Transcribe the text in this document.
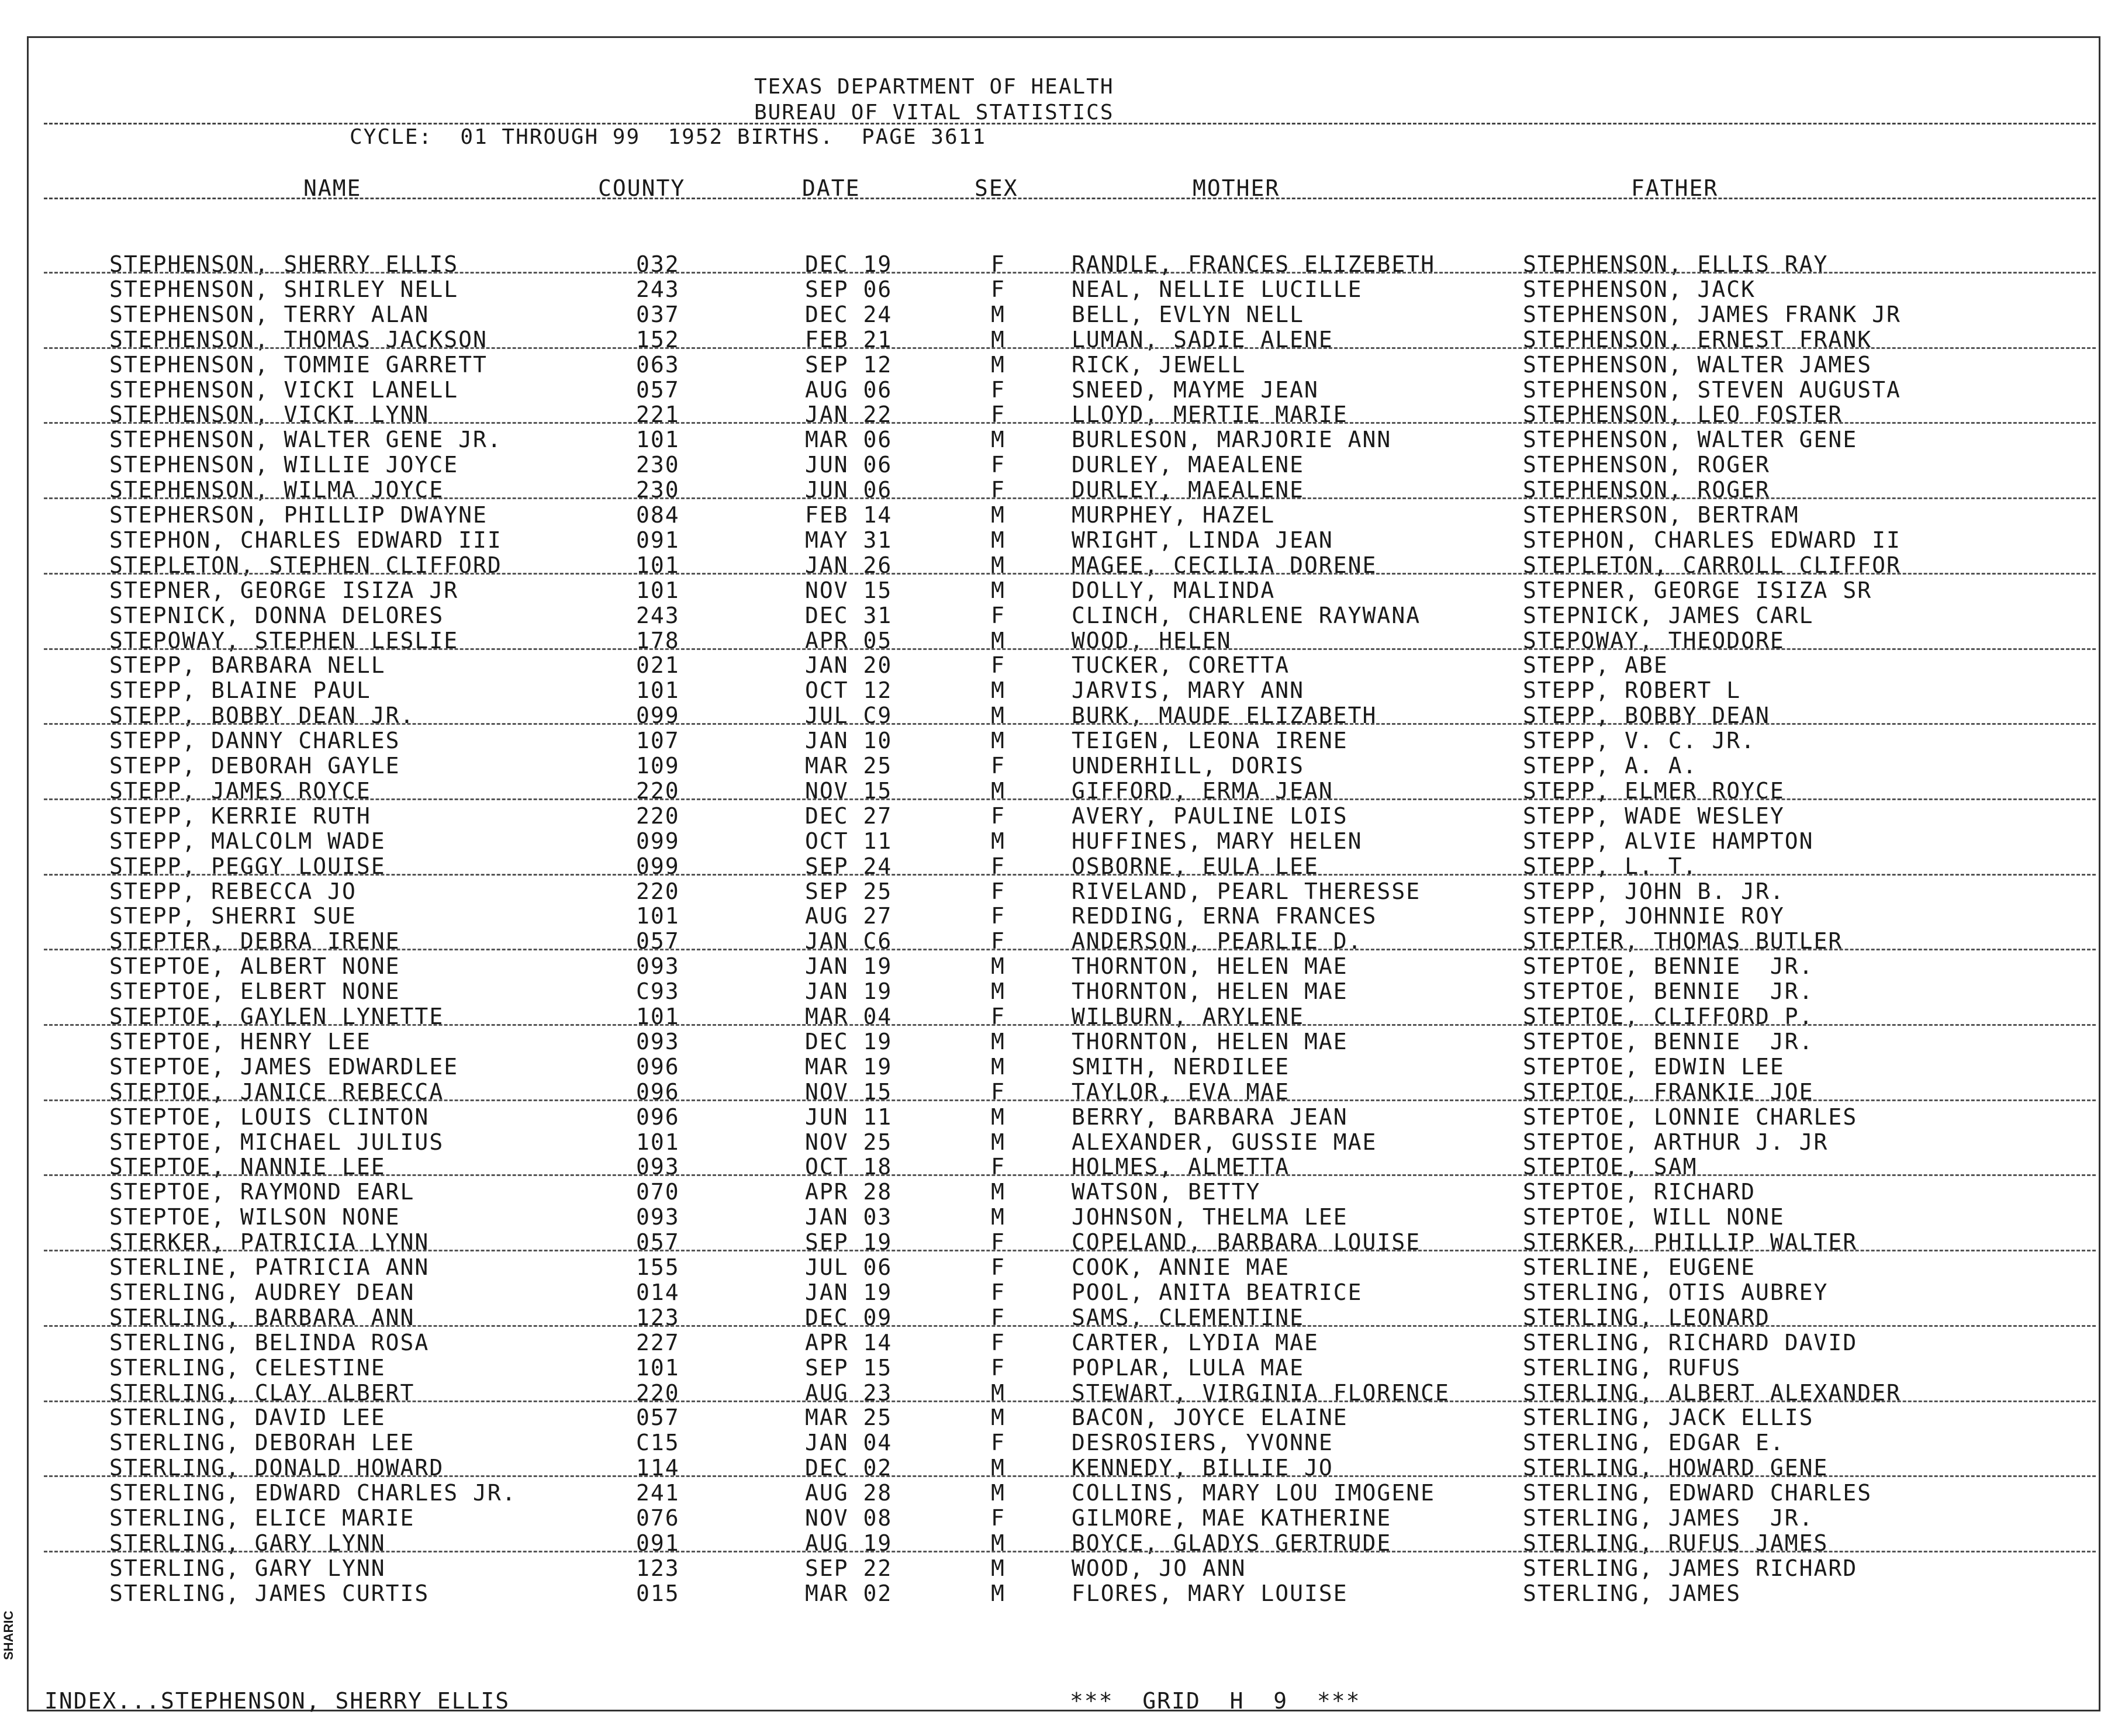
TEXAS DEPARTMENT OF HEALTH
BUREAU OF VITAL STATISTICS
CYCLE:  01 THROUGH 99  1952 BIRTHS.  PAGE 3611
NAME	COUNTY	DATE	SEX	MOTHER	FATHER
STEPHENSON, SHERRY ELLIS	032	DEC 19	F	RANDLE, FRANCES ELIZEBETH	STEPHENSON, ELLIS RAY
STEPHENSON, SHIRLEY NELL	243	SEP 06	F	NEAL, NELLIE LUCILLE	STEPHENSON, JACK
STEPHENSON, TERRY ALAN	037	DEC 24	M	BELL, EVLYN NELL	STEPHENSON, JAMES FRANK JR
STEPHENSON, THOMAS JACKSON	152	FEB 21	M	LUMAN, SADIE ALENE	STEPHENSON, ERNEST FRANK
STEPHENSON, TOMMIE GARRETT	063	SEP 12	M	RICK, JEWELL	STEPHENSON, WALTER JAMES
STEPHENSON, VICKI LANELL	057	AUG 06	F	SNEED, MAYME JEAN	STEPHENSON, STEVEN AUGUSTA
STEPHENSON, VICKI LYNN	221	JAN 22	F	LLOYD, MERTIE MARIE	STEPHENSON, LEO FOSTER
STEPHENSON, WALTER GENE JR.	101	MAR 06	M	BURLESON, MARJORIE ANN	STEPHENSON, WALTER GENE
STEPHENSON, WILLIE JOYCE	230	JUN 06	F	DURLEY, MAEALENE	STEPHENSON, ROGER
STEPHENSON, WILMA JOYCE	230	JUN 06	F	DURLEY, MAEALENE	STEPHENSON, ROGER
STEPHERSON, PHILLIP DWAYNE	084	FEB 14	M	MURPHEY, HAZEL	STEPHERSON, BERTRAM
STEPHON, CHARLES EDWARD III	091	MAY 31	M	WRIGHT, LINDA JEAN	STEPHON, CHARLES EDWARD II
STEPLETON, STEPHEN CLIFFORD	101	JAN 26	M	MAGEE, CECILIA DORENE	STEPLETON, CARROLL CLIFFOR
STEPNER, GEORGE ISIZA JR	101	NOV 15	M	DOLLY, MALINDA	STEPNER, GEORGE ISIZA SR
STEPNICK, DONNA DELORES	243	DEC 31	F	CLINCH, CHARLENE RAYWANA	STEPNICK, JAMES CARL
STEPOWAY, STEPHEN LESLIE	178	APR 05	M	WOOD, HELEN	STEPOWAY, THEODORE
STEPP, BARBARA NELL	021	JAN 20	F	TUCKER, CORETTA	STEPP, ABE
STEPP, BLAINE PAUL	101	OCT 12	M	JARVIS, MARY ANN	STEPP, ROBERT L
STEPP, BOBBY DEAN JR.	099	JUL C9	M	BURK, MAUDE ELIZABETH	STEPP, BOBBY DEAN
STEPP, DANNY CHARLES	107	JAN 10	M	TEIGEN, LEONA IRENE	STEPP, V. C. JR.
STEPP, DEBORAH GAYLE	109	MAR 25	F	UNDERHILL, DORIS	STEPP, A. A.
STEPP, JAMES ROYCE	220	NOV 15	M	GIFFORD, ERMA JEAN	STEPP, ELMER ROYCE
STEPP, KERRIE RUTH	220	DEC 27	F	AVERY, PAULINE LOIS	STEPP, WADE WESLEY
STEPP, MALCOLM WADE	099	OCT 11	M	HUFFINES, MARY HELEN	STEPP, ALVIE HAMPTON
STEPP, PEGGY LOUISE	099	SEP 24	F	OSBORNE, EULA LEE	STEPP, L. T.
STEPP, REBECCA JO	220	SEP 25	F	RIVELAND, PEARL THERESSE	STEPP, JOHN B. JR.
STEPP, SHERRI SUE	101	AUG 27	F	REDDING, ERNA FRANCES	STEPP, JOHNNIE ROY
STEPTER, DEBRA IRENE	057	JAN C6	F	ANDERSON, PEARLIE D.	STEPTER, THOMAS BUTLER
STEPTOE, ALBERT NONE	093	JAN 19	M	THORNTON, HELEN MAE	STEPTOE, BENNIE  JR.
STEPTOE, ELBERT NONE	C93	JAN 19	M	THORNTON, HELEN MAE	STEPTOE, BENNIE  JR.
STEPTOE, GAYLEN LYNETTE	101	MAR 04	F	WILBURN, ARYLENE	STEPTOE, CLIFFORD P.
STEPTOE, HENRY LEE	093	DEC 19	M	THORNTON, HELEN MAE	STEPTOE, BENNIE  JR.
STEPTOE, JAMES EDWARDLEE	096	MAR 19	M	SMITH, NERDILEE	STEPTOE, EDWIN LEE
STEPTOE, JANICE REBECCA	096	NOV 15	F	TAYLOR, EVA MAE	STEPTOE, FRANKIE JOE
STEPTOE, LOUIS CLINTON	096	JUN 11	M	BERRY, BARBARA JEAN	STEPTOE, LONNIE CHARLES
STEPTOE, MICHAEL JULIUS	101	NOV 25	M	ALEXANDER, GUSSIE MAE	STEPTOE, ARTHUR J. JR
STEPTOE, NANNIE LEE	093	OCT 18	F	HOLMES, ALMETTA	STEPTOE, SAM
STEPTOE, RAYMOND EARL	070	APR 28	M	WATSON, BETTY	STEPTOE, RICHARD
STEPTOE, WILSON NONE	093	JAN 03	M	JOHNSON, THELMA LEE	STEPTOE, WILL NONE
STERKER, PATRICIA LYNN	057	SEP 19	F	COPELAND, BARBARA LOUISE	STERKER, PHILLIP WALTER
STERLINE, PATRICIA ANN	155	JUL 06	F	COOK, ANNIE MAE	STERLINE, EUGENE
STERLING, AUDREY DEAN	014	JAN 19	F	POOL, ANITA BEATRICE	STERLING, OTIS AUBREY
STERLING, BARBARA ANN	123	DEC 09	F	SAMS, CLEMENTINE	STERLING, LEONARD
STERLING, BELINDA ROSA	227	APR 14	F	CARTER, LYDIA MAE	STERLING, RICHARD DAVID
STERLING, CELESTINE	101	SEP 15	F	POPLAR, LULA MAE	STERLING, RUFUS
STERLING, CLAY ALBERT	220	AUG 23	M	STEWART, VIRGINIA FLORENCE	STERLING, ALBERT ALEXANDER
STERLING, DAVID LEE	057	MAR 25	M	BACON, JOYCE ELAINE	STERLING, JACK ELLIS
STERLING, DEBORAH LEE	C15	JAN 04	F	DESROSIERS, YVONNE	STERLING, EDGAR E.
STERLING, DONALD HOWARD	114	DEC 02	M	KENNEDY, BILLIE JO	STERLING, HOWARD GENE
STERLING, EDWARD CHARLES JR.	241	AUG 28	M	COLLINS, MARY LOU IMOGENE	STERLING, EDWARD CHARLES
STERLING, ELICE MARIE	076	NOV 08	F	GILMORE, MAE KATHERINE	STERLING, JAMES  JR.
STERLING, GARY LYNN	091	AUG 19	M	BOYCE, GLADYS GERTRUDE	STERLING, RUFUS JAMES
STERLING, GARY LYNN	123	SEP 22	M	WOOD, JO ANN	STERLING, JAMES RICHARD
STERLING, JAMES CURTIS	015	MAR 02	M	FLORES, MARY LOUISE	STERLING, JAMES
SHARIC
INDEX...STEPHENSON, SHERRY ELLIS	***  GRID  H  9  ***
